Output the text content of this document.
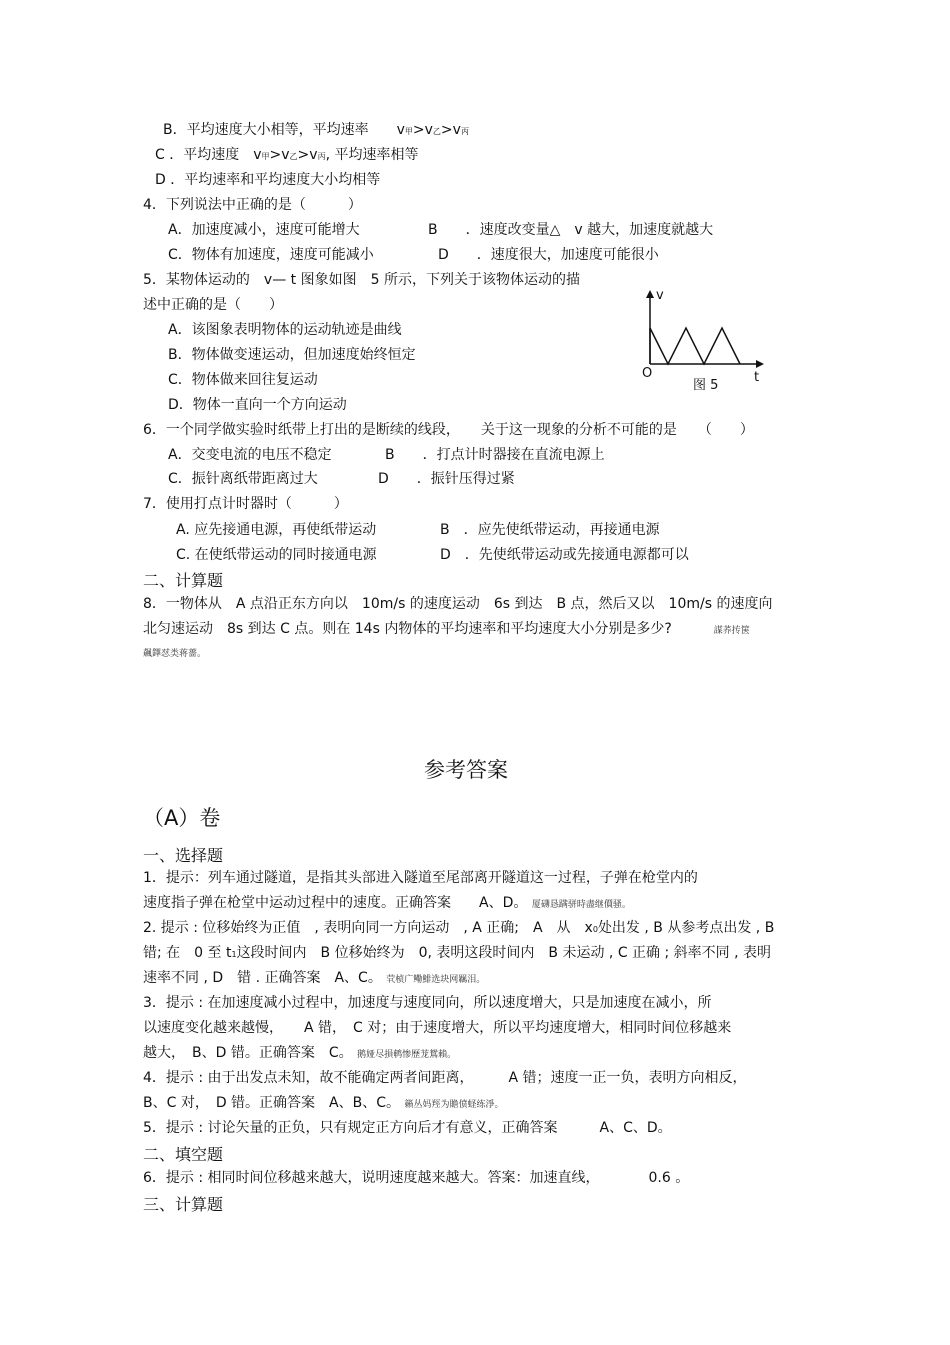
B．平均速度大小相等，平均速率　　 v甲>v乙>v丙
C ．平均速度　 v甲>v乙>v丙, 平均速率相等
D ．平均速率和平均速度大小均相等
4．下列说法中正确的是（　　　）
A．加速度减小，速度可能增大	B　　．速度改变量△　v 越大，加速度就越大
C．物体有加速度，速度可能减小	D　　．速度很大，加速度可能很小
5．某物体运动的　v— t 图象如图　5 所示，下列关于该物体运动的描
述中正确的是（　　）
A．该图象表明物体的运动轨迹是曲线
B．物体做变速运动，但加速度始终恒定
C．物体做来回往复运动
D．物体一直向一个方向运动
v
O
图 5
t
6．一个同学做实验时纸带上打出的是断续的线段，　　关于这一现象的分析不可能的是　　（　　）
A．交变电流的电压不稳定	B　　．打点计时器接在直流电源上
C．振针离纸带距离过大	D　　．振针压得过紧
7．使用打点计时器时（　　　）
A. 应先接通电源，再使纸带运动	B　．应先使纸带运动，再接通电源
C. 在使纸带运动的同时接通电源	D　．先使纸带运动或先接通电源都可以
二、计算题
8．一物体从　A 点沿正东方向以　10m/s 的速度运动　6s 到达　B 点，然后又以　10m/s 的速度向
北匀速运动　8s 到达 C 点。则在 14s 内物体的平均速率和平均速度大小分别是多少?　　　	謀荞抟箧
飆鐸怼类蒋薔。
参考答案
（A）卷
一、选择题
1．提示：列车通过隧道，是指其头部进入隧道至尾部离开隧道这一过程，子弹在枪堂内的
速度指子弹在枪堂中运动过程中的速度。正确答案　　A、D。 厦礴恳蹒骈時盡继價骚。
2. 提示 : 位移始终为正值　, 表明向同一方向运动　, A 正确;　A　从　x0处出发 , B 从参考点出发 , B
错; 在　0 至 t1这段时间内　B 位移始终为　0, 表明这段时间内　B 未运动 , C 正确 ; 斜率不同 , 表明
速率不同 , D　错 . 正确答案　A、C。 茕桢广鳓鯡选块网羈泪。
3．提示 : 在加速度减小过程中，加速度与速度同向，所以速度增大，只是加速度在减小，所
以速度变化越来越慢，　　A 错，　C 对；由于速度增大，所以平均速度增大，相同时间位移越来
越大，　B、D 错。正确答案　C。 鹅娅尽損鹌惨歷茏鴛賴。
4．提示 : 由于出发点未知，故不能确定两者间距离，　　　A 错；速度一正一负，表明方向相反，
B、C 对，　D 错。正确答案　A、B、C。 籟丛妈羥为贍偾蛏练淨。
5．提示 : 讨论矢量的正负，只有规定正方向后才有意义，正确答案　　　A、C、D。
二、填空题
6．提示 : 相同时间位移越来越大，说明速度越来越大。答案：加速直线，　　　　0.6 。
三、计算题
